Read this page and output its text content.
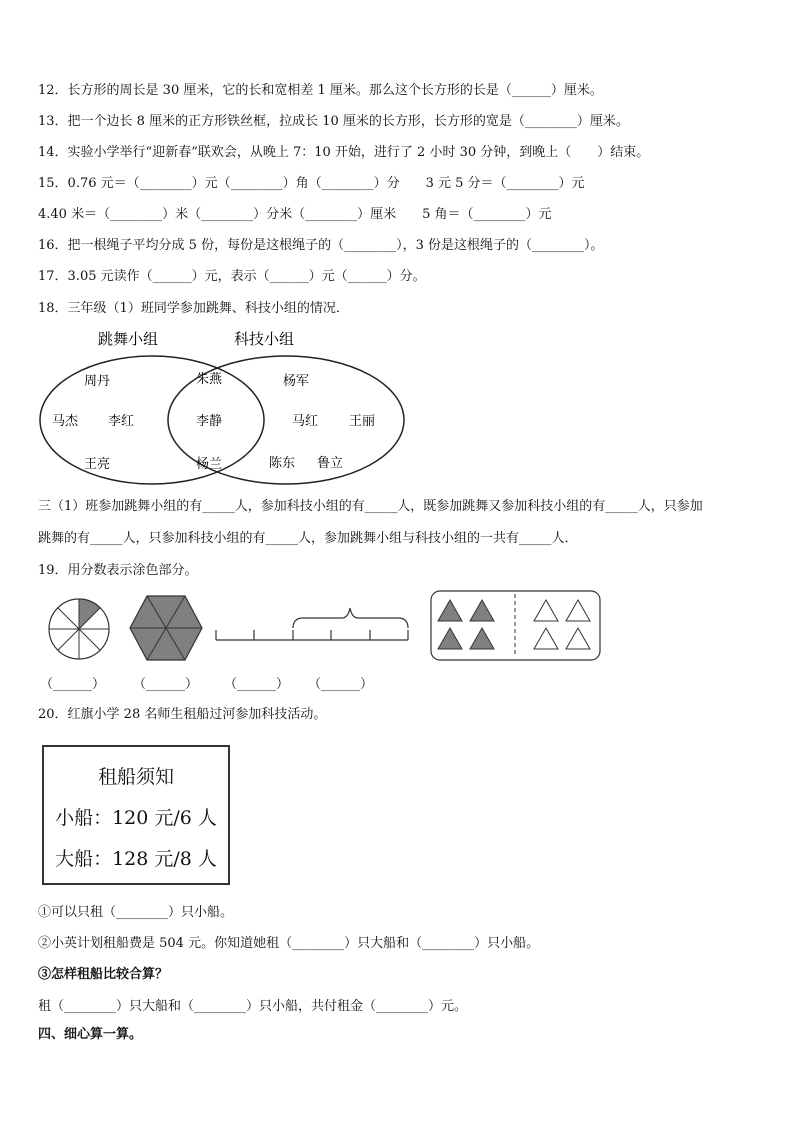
12．长方形的周长是 30 厘米，它的长和宽相差 1 厘米。那么这个长方形的长是（______）厘米。
13．把一个边长 8 厘米的正方形铁丝框，拉成长 10 厘米的长方形，长方形的宽是（________）厘米。
14．实验小学举行“迎新春”联欢会，从晚上 7：10 开始，进行了 2 小时 30 分钟，到晚上（　　）结束。
15．0.76 元＝（________）元（________）角（________）分　　3 元 5 分＝（________）元
4.40 米＝（________）米（________）分米（________）厘米　　5 角＝（________）元
16．把一根绳子平均分成 5 份，每份是这根绳子的（________），3 份是这根绳子的（________）。
17．3.05 元读作（______）元，表示（______）元（______）分。
18．三年级（1）班同学参加跳舞、科技小组的情况．
跳舞小组	科技小组
周丹
马杰 李红
王亮
朱燕
李静
杨兰
杨军
马红 王丽
陈东 鲁立
三（1）班参加跳舞小组的有_____人，参加科技小组的有_____人，既参加跳舞又参加科技小组的有_____人，只参加
跳舞的有_____人，只参加科技小组的有_____人，参加跳舞小组与科技小组的一共有_____人．
19．用分数表示涂色部分。
（______） （______） （______） （______）
20．红旗小学 28 名师生租船过河参加科技活动。
租船须知
小船：120 元/6 人
大船：128 元/8 人
①可以只租（________）只小船。
②小英计划租船费是 504 元。你知道她租（________）只大船和（________）只小船。
③怎样租船比较合算？
租（________）只大船和（________）只小船，共付租金（________）元。
四、细心算一算。
